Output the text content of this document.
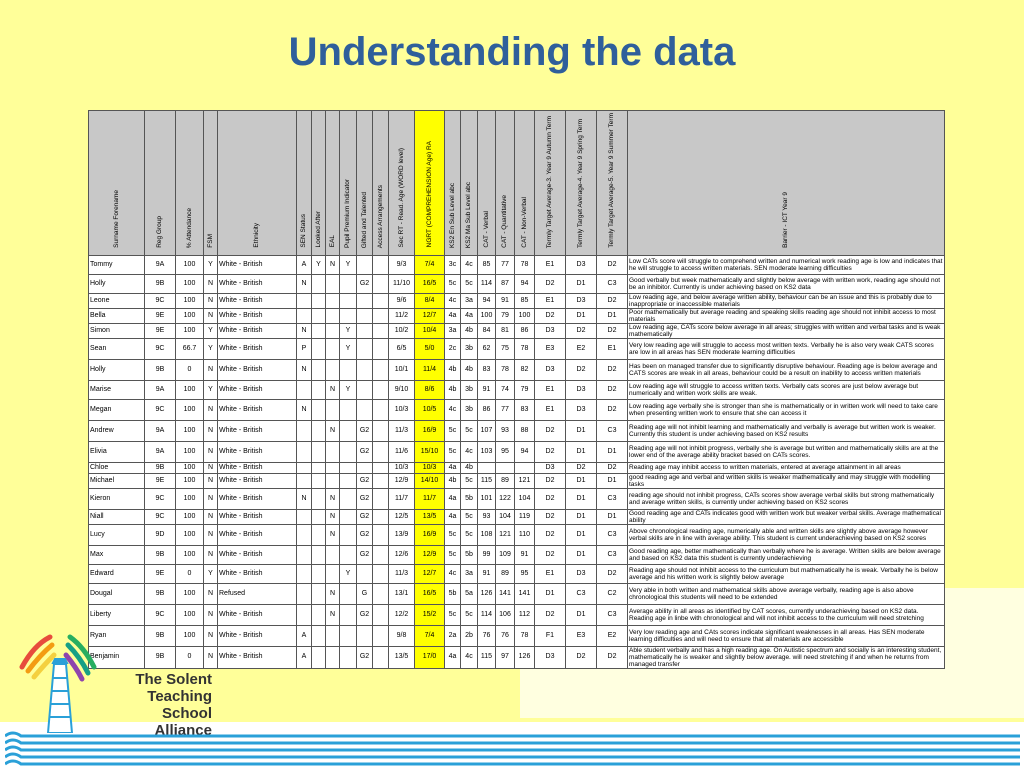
Understanding the data
Surname Forename	Reg Group	% Attendance	FSM	Ethnicity	SEN Status	Looked After	EAL	Pupil Premium Indicator	Gifted and Talented	Access Arrangements	Sec RT - Read. Age (WORD level)	NGRT (COMPREHENSION Age) RA	KS2 En Sub Level abc	KS2 Ma Sub Level abc	CAT - Verbal	CAT - Quantitative	CAT - Non-Verbal	Termly Target Average-3. Year 9 Autumn Term	Termly Target Average-4. Year 9 Spring Term	Termly Target Average-5. Year 9 Summer Term	Barrier - ICT Year 9
Tommy	9A	100	Y	White - British	A	Y	N	Y			9/3	7/4	3c	4c	85	77	78	E1	D3	D2	Low CATs score will struggle to comprehend written and numerical work reading age is low and indicates that he will struggle to access written materials. SEN moderate learning difficulties
Holly	9B	100	N	White - British	N				G2		11/10	16/5	5c	5c	114	87	94	D2	D1	C3	Good verbally but week mathematically and slightly below average with written work, reading age should not be an inhibitor. Currently is under achieving based on KS2 data
Leone	9C	100	N	White - British							9/6	8/4	4c	3a	94	91	85	E1	D3	D2	Low reading age, and below average written ability, behaviour can be an issue and this is probably due to inappropriate or inaccessible materials
Bella	9E	100	N	White - British							11/2	12/7	4a	4a	100	79	100	D2	D1	D1	Poor mathematically but average reading and speaking skills reading age should not inhibit access to most materials
Simon	9E	100	Y	White - British	N			Y			10/2	10/4	3a	4b	84	81	86	D3	D2	D2	Low reading age, CATs score below average in all areas; struggles with written and verbal tasks and is weak mathematically
Sean	9C	66.7	Y	White - British	P			Y			6/5	5/0	2c	3b	62	75	78	E3	E2	E1	Very low reading age will struggle to access most written texts. Verbally he is also very weak CATS scores are low in all areas has SEN moderate learning difficulties
Holly	9B	0	N	White - British	N						10/1	11/4	4b	4b	83	78	82	D3	D2	D2	Has been on managed transfer due to significantly disruptive behaviour. Reading age is below average and CATS scores are weak in all areas, behaviour could be a result on inability to access written materials
Marise	9A	100	Y	White - British			N	Y			9/10	8/6	4b	3b	91	74	79	E1	D3	D2	Low reading age will struggle to access written texts. Verbally cats scores are just below average but numerically and written work skills are weak.
Megan	9C	100	N	White - British	N						10/3	10/5	4c	3b	86	77	83	E1	D3	D2	Low reading age verbally she is stronger than she is mathematically or in written work will need to take care when presenting written work to ensure that she can access it
Andrew	9A	100	N	White - British			N		G2		11/3	16/9	5c	5c	107	93	88	D2	D1	C3	Reading age will not inhibit learning and mathematically and verbally is average but written work is weaker. Currently this student is under achieving based on KS2 results
Elivia	9A	100	N	White - British					G2		11/6	15/10	5c	4c	103	95	94	D2	D1	D1	Reading age will not inhibit progress, verbally she is average but written and mathematically skills are at the lower end of the average ability bracket based on CATs scores.
Chloe	9B	100	N	White - British							10/3	10/3	4a	4b				D3	D2	D2	Reading age may inhibit access to written materials, entered at average attainment in all areas
Michael	9E	100	N	White - British					G2		12/9	14/10	4b	5c	115	89	121	D2	D1	D1	good reading age and verbal and written skills is weaker mathematically and may struggle with modelling tasks
Kieron	9C	100	N	White - British	N		N		G2		11/7	11/7	4a	5b	101	122	104	D2	D1	C3	reading age should not inhibit progress, CATs scores show average verbal skills but strong mathematically and average written skills, is currently under achieving based on KS2 scores
Niall	9C	100	N	White - British			N		G2		12/5	13/5	4a	5c	93	104	119	D2	D1	D1	Good reading age and CATs indicates good with written work but weaker verbal skills. Average mathematical ability
Lucy	9D	100	N	White - British			N		G2		13/9	16/9	5c	5c	108	121	110	D2	D1	C3	Above chronological reading age, numerically able and written skills are slightly above average however verbal skills are in line with average ability. This student is current underachieving based on KS2 scores
Max	9B	100	N	White - British					G2		12/6	12/9	5c	5b	99	109	91	D2	D1	C3	Good reading age, better mathematically than verbally where he is average. Written skills are below average and based on KS2 data this student is currently underachieving
Edward	9E	0	Y	White - British				Y			11/3	12/7	4c	3a	91	89	95	E1	D3	D2	Reading age should not inhibit access to the curriculum but mathematically he is weak. Verbally he is below average and his written work is slightly below average
Dougal	9B	100	N	Refused			N		G		13/1	16/5	5b	5a	126	141	141	D1	C3	C2	Very able in both written and mathematical skills above average verbally, reading age is also above chronological this students will need to be extended
Liberty	9C	100	N	White - British			N		G2		12/2	15/2	5c	5c	114	106	112	D2	D1	C3	Average ability in all areas as identified by CAT scores, currently underachieving based on KS2 data. Reading age in linbe with chronological and will not inhibit access to the curriculum will need stretching
Ryan	9B	100	N	White - British	A						9/8	7/4	2a	2b	76	76	78	F1	E3	E2	Very low reading age and CAts scores indicate significant weaknesses in all areas. Has SEN moderate learning difficulties and will need to ensure that all materials are accessible
Benjamin	9B	0	N	White - British	A				G2		13/5	17/0	4a	4c	115	97	126	D3	D2	D2	Able student verbally and has a high reading age. On Autistic spectrum and socially is an interesting student, mathematically he is weaker and slightly below average. will need stretching if and when he returns from managed transfer
The Solent
Teaching
School
Alliance
